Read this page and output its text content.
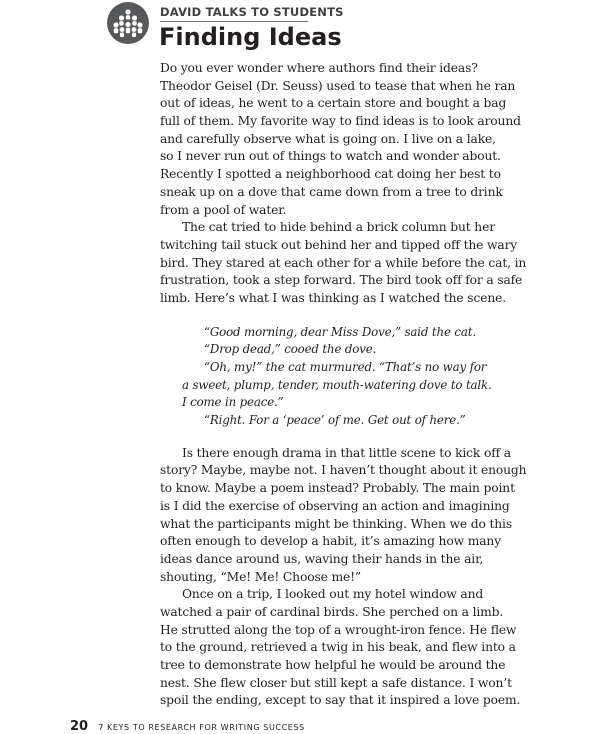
DAVID TALKS TO STUDENTS
Finding Ideas
Do you ever wonder where authors find their ideas?
Theodor Geisel (Dr. Seuss) used to tease that when he ran
out of ideas, he went to a certain store and bought a bag
full of them. My favorite way to find ideas is to look around
and carefully observe what is going on. I live on a lake,
so I never run out of things to watch and wonder about.
Recently I spotted a neighborhood cat doing her best to
sneak up on a dove that came down from a tree to drink
from a pool of water.
The cat tried to hide behind a brick column but her
twitching tail stuck out behind her and tipped off the wary
bird. They stared at each other for a while before the cat, in
frustration, took a step forward. The bird took off for a safe
limb. Here’s what I was thinking as I watched the scene.
“Good morning, dear Miss Dove,” said the cat.
“Drop dead,” cooed the dove.
“Oh, my!” the cat murmured. “That’s no way for
a sweet, plump, tender, mouth-watering dove to talk.
I come in peace.”
“Right. For a ‘peace’ of me. Get out of here.”
Is there enough drama in that little scene to kick off a
story? Maybe, maybe not. I haven’t thought about it enough
to know. Maybe a poem instead? Probably. The main point
is I did the exercise of observing an action and imagining
what the participants might be thinking. When we do this
often enough to develop a habit, it’s amazing how many
ideas dance around us, waving their hands in the air,
shouting, “Me! Me! Choose me!”
Once on a trip, I looked out my hotel window and
watched a pair of cardinal birds. She perched on a limb.
He strutted along the top of a wrought-iron fence. He flew
to the ground, retrieved a twig in his beak, and flew into a
tree to demonstrate how helpful he would be around the
nest. She flew closer but still kept a safe distance. I won’t
spoil the ending, except to say that it inspired a love poem.
20 7 KEYS TO RESEARCH FOR WRITING SUCCESS
